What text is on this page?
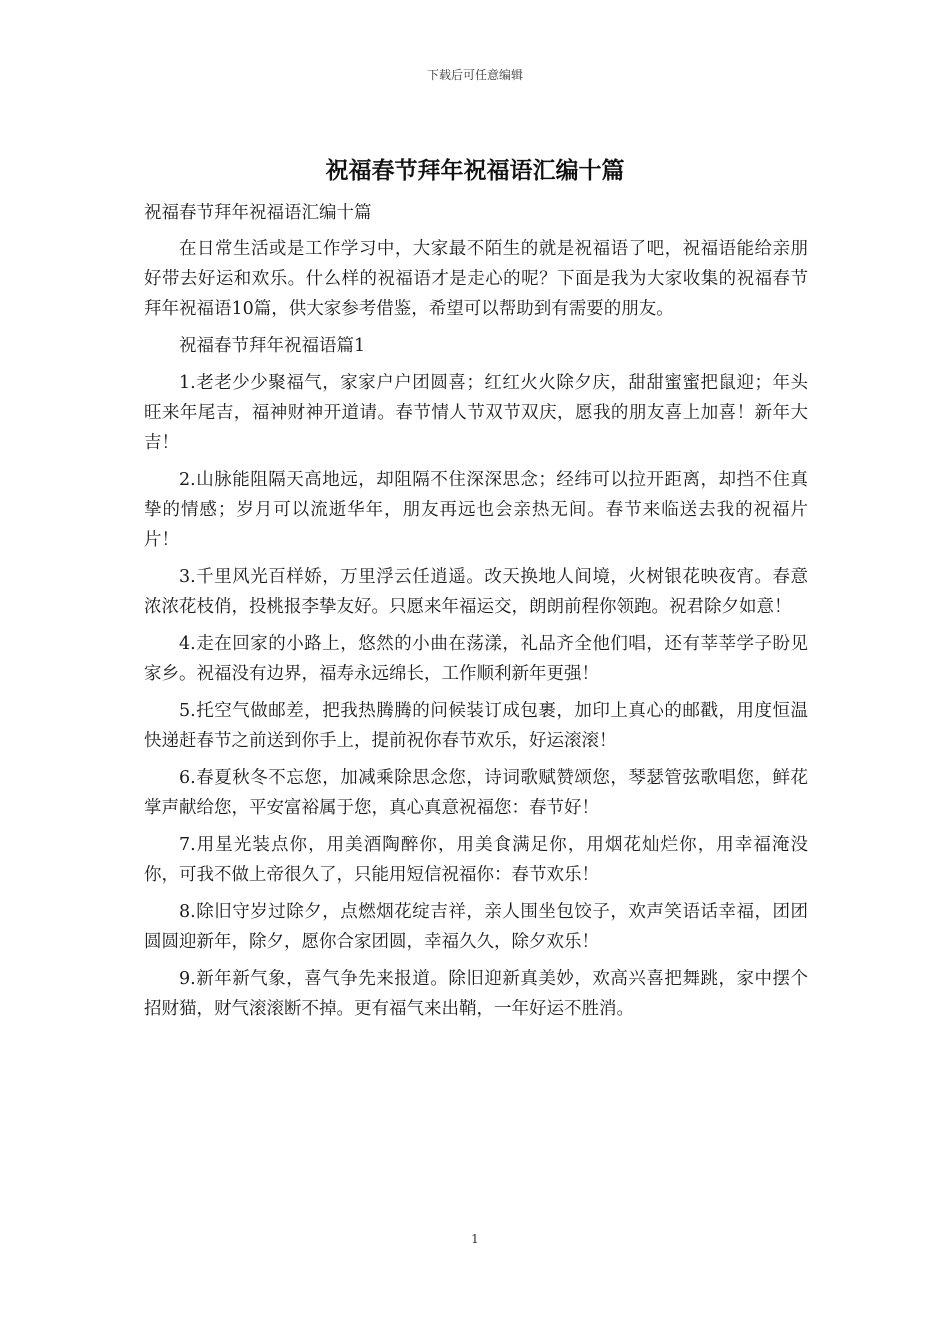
下载后可任意编辑
祝福春节拜年祝福语汇编十篇

祝福春节拜年祝福语汇编十篇

在日常生活或是工作学习中，大家最不陌生的就是祝福语了吧，祝福语能给亲朋好带去好运和欢乐。什么样的祝福语才是走心的呢？下面是我为大家收集的祝福春节拜年祝福语10篇，供大家参考借鉴，希望可以帮助到有需要的朋友。

祝福春节拜年祝福语篇1

1.老老少少聚福气，家家户户团圆喜；红红火火除夕庆，甜甜蜜蜜把鼠迎；年头旺来年尾吉，福神财神开道请。春节情人节双节双庆，愿我的朋友喜上加喜！新年大吉！

2.山脉能阻隔天高地远，却阻隔不住深深思念；经纬可以拉开距离，却挡不住真挚的情感；岁月可以流逝华年，朋友再远也会亲热无间。春节来临送去我的祝福片片！

3.千里风光百样娇，万里浮云任逍遥。改天换地人间境，火树银花映夜宵。春意浓浓花枝俏，投桃报李挚友好。只愿来年福运交，朗朗前程你领跑。祝君除夕如意！

4.走在回家的小路上，悠然的小曲在荡漾，礼品齐全他们唱，还有莘莘学子盼见家乡。祝福没有边界，福寿永远绵长，工作顺利新年更强！

5.托空气做邮差，把我热腾腾的问候装订成包裹，加印上真心的邮戳，用度恒温快递赶春节之前送到你手上，提前祝你春节欢乐，好运滚滚！

6.春夏秋冬不忘您，加减乘除思念您，诗词歌赋赞颂您，琴瑟管弦歌唱您，鲜花掌声献给您，平安富裕属于您，真心真意祝福您：春节好！

7.用星光装点你，用美酒陶醉你，用美食满足你，用烟花灿烂你，用幸福淹没你，可我不做上帝很久了，只能用短信祝福你：春节欢乐！

8.除旧守岁过除夕，点燃烟花绽吉祥，亲人围坐包饺子，欢声笑语话幸福，团团圆圆迎新年，除夕，愿你合家团圆，幸福久久，除夕欢乐！

9.新年新气象，喜气争先来报道。除旧迎新真美妙，欢高兴喜把舞跳，家中摆个招财猫，财气滚滚断不掉。更有福气来出鞘，一年好运不胜消。

1
